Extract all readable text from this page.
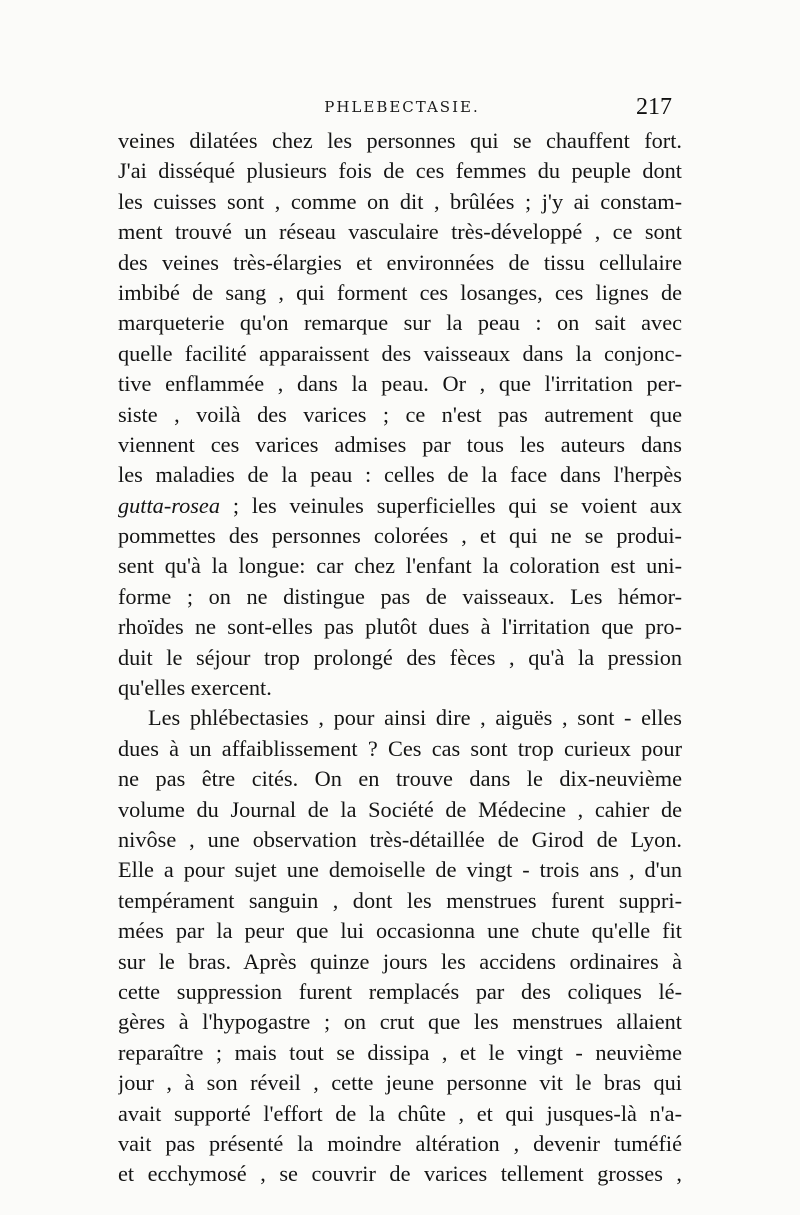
PHLEBECTASIE.	217
veines dilatées chez les personnes qui se chauffent fort.
J'ai disséqué plusieurs fois de ces femmes du peuple dont
les cuisses sont , comme on dit , brûlées ; j'y ai constam-
ment trouvé un réseau vasculaire très-développé , ce sont
des veines très-élargies et environnées de tissu cellulaire
imbibé de sang , qui forment ces losanges, ces lignes de
marqueterie qu'on remarque sur la peau : on sait avec
quelle facilité apparaissent des vaisseaux dans la conjonc-
tive enflammée , dans la peau. Or , que l'irritation per-
siste , voilà des varices ; ce n'est pas autrement que
viennent ces varices admises par tous les auteurs dans
les maladies de la peau : celles de la face dans l'herpès
gutta-rosea ; les veinules superficielles qui se voient aux
pommettes des personnes colorées , et qui ne se produi-
sent qu'à la longue: car chez l'enfant la coloration est uni-
forme ; on ne distingue pas de vaisseaux. Les hémor-
rhoïdes ne sont-elles pas plutôt dues à l'irritation que pro-
duit le séjour trop prolongé des fèces , qu'à la pression
qu'elles exercent.
Les phlébectasies , pour ainsi dire , aiguës , sont - elles
dues à un affaiblissement ? Ces cas sont trop curieux pour
ne pas être cités. On en trouve dans le dix-neuvième
volume du Journal de la Société de Médecine , cahier de
nivôse , une observation très-détaillée de Girod de Lyon.
Elle a pour sujet une demoiselle de vingt - trois ans , d'un
tempérament sanguin , dont les menstrues furent suppri-
mées par la peur que lui occasionna une chute qu'elle fit
sur le bras. Après quinze jours les accidens ordinaires à
cette suppression furent remplacés par des coliques lé-
gères à l'hypogastre ; on crut que les menstrues allaient
reparaître ; mais tout se dissipa , et le vingt - neuvième
jour , à son réveil , cette jeune personne vit le bras qui
avait supporté l'effort de la chûte , et qui jusques-là n'a-
vait pas présenté la moindre altération , devenir tuméfié
et ecchymosé , se couvrir de varices tellement grosses ,
